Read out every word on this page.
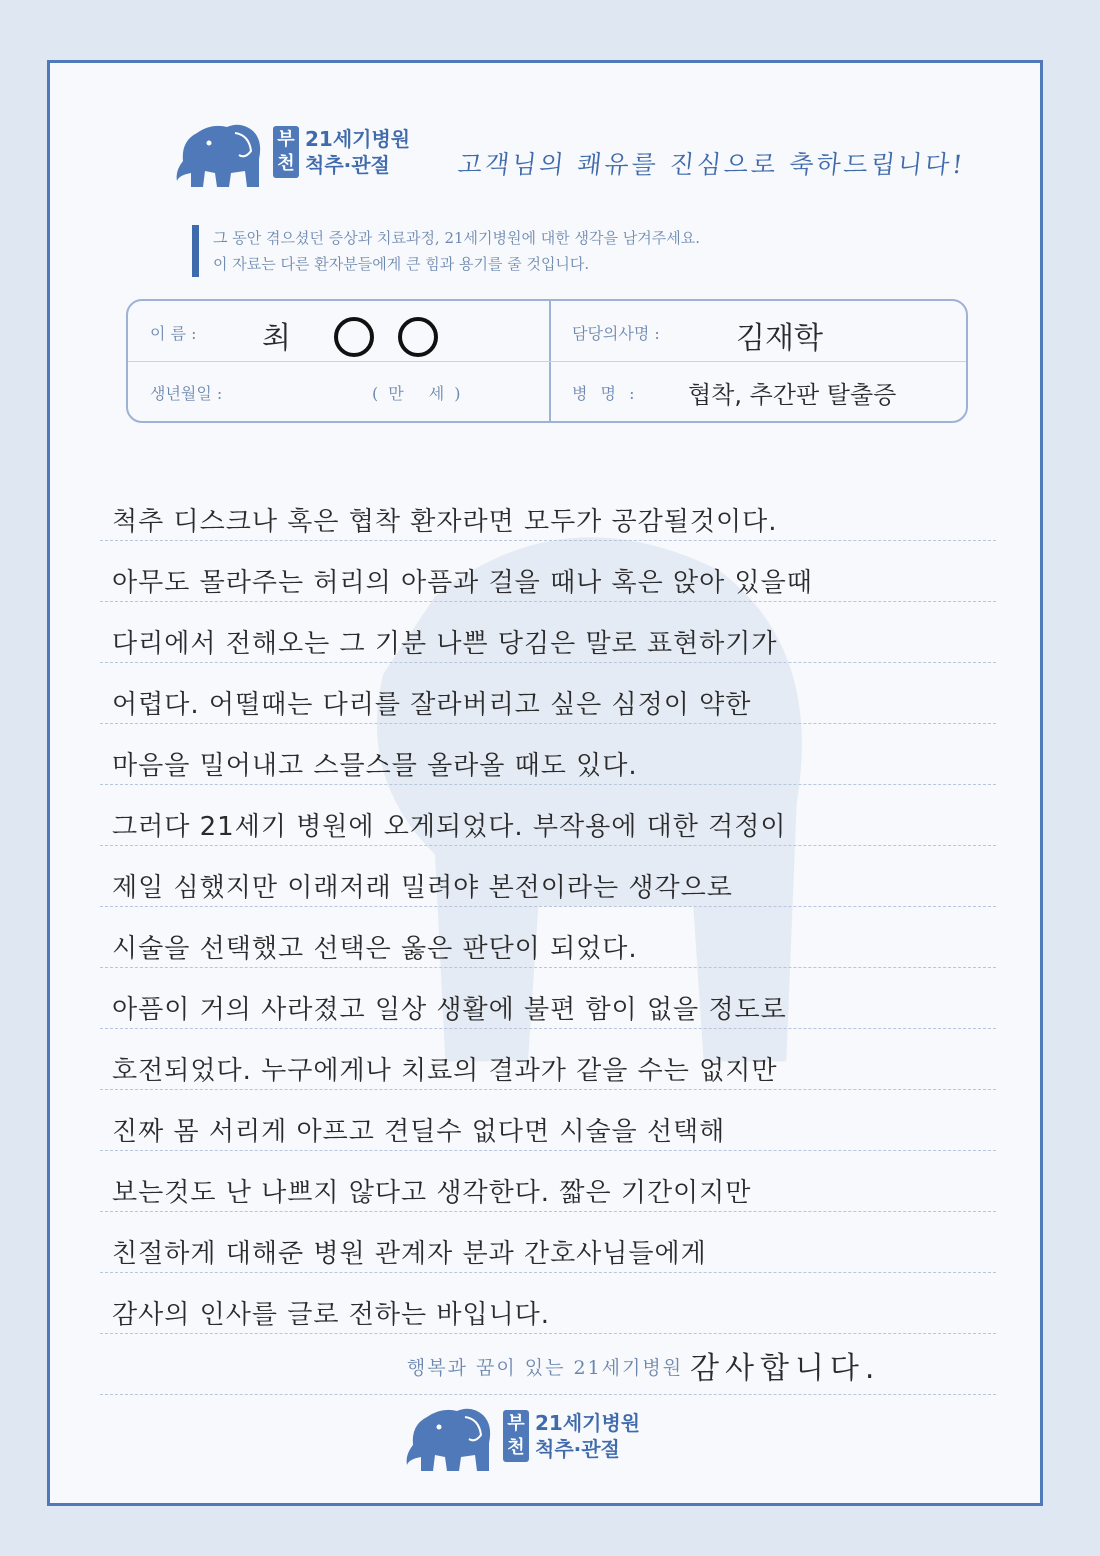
부
천
21세기병원
척추·관절	고객님의 쾌유를 진심으로 축하드립니다!
그 동안 겪으셨던 증상과 치료과정, 21세기병원에 대한 생각을 남겨주세요.
이 자료는 다른 환자분들에게 큰 힘과 용기를 줄 것입니다.
이 름 : 최	담당의사명 :	김재학
생년월일 :	(만 세)	병 명 : 협착, 추간판 탈출증
척추 디스크나 혹은 협착 환자라면 모두가 공감될것이다.
아무도 몰라주는 허리의 아픔과 걸을 때나 혹은 앉아 있을때
다리에서 전해오는 그 기분 나쁜 당김은 말로 표현하기가
어렵다. 어떨때는 다리를 잘라버리고 싶은 심정이 약한
마음을 밀어내고 스믈스믈 올라올 때도 있다.
그러다 21세기 병원에 오게되었다. 부작용에 대한 걱정이
제일 심했지만 이래저래 밀려야 본전이라는 생각으로
시술을 선택했고 선택은 옳은 판단이 되었다.
아픔이 거의 사라졌고 일상 생활에 불편 함이 없을 정도로
호전되었다. 누구에게나 치료의 결과가 같을 수는 없지만
진짜 몸 서리게 아프고 견딜수 없다면 시술을 선택해
보는것도 난 나쁘지 않다고 생각한다. 짧은 기간이지만
친절하게 대해준 병원 관계자 분과 간호사님들에게
감사의 인사를 글로 전하는 바입니다.
감사합니다.
행복과 꿈이 있는 21세기병원
부
천
21세기병원
척추·관절
